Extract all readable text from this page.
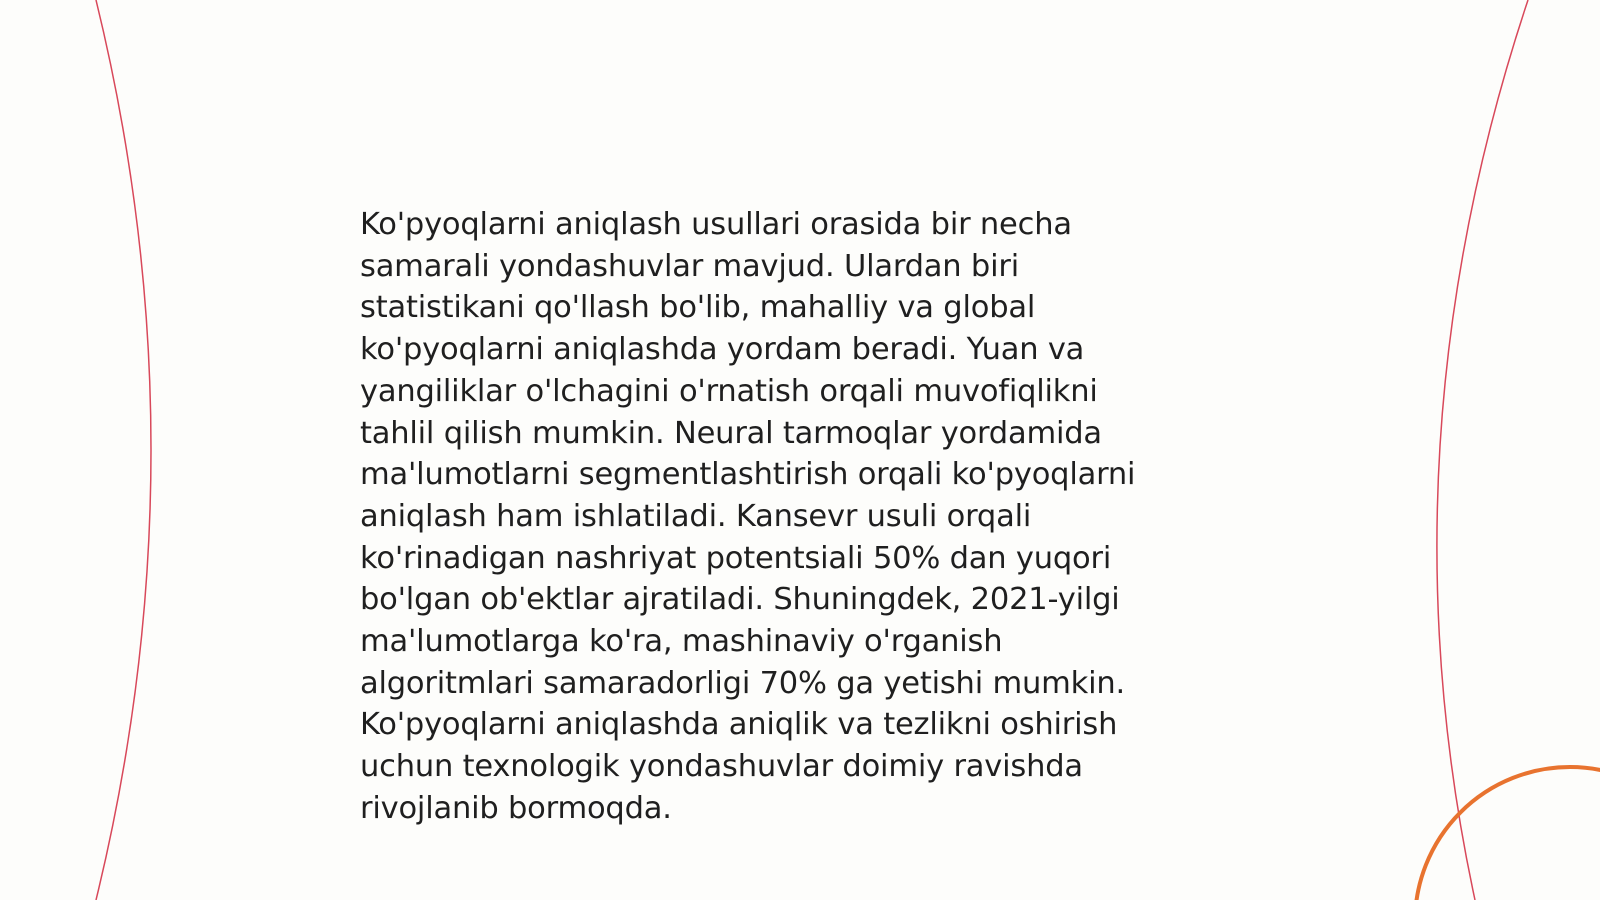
Ko'pyoqlarni aniqlash usullari orasida bir necha
samarali yondashuvlar mavjud. Ulardan biri
statistikani qo'llash bo'lib, mahalliy va global
ko'pyoqlarni aniqlashda yordam beradi. Yuan va
yangiliklar o'lchagini o'rnatish orqali muvofiqlikni
tahlil qilish mumkin. Neural tarmoqlar yordamida
ma'lumotlarni segmentlashtirish orqali ko'pyoqlarni
aniqlash ham ishlatiladi. Kansevr usuli orqali
ko'rinadigan nashriyat potentsiali 50% dan yuqori
bo'lgan ob'ektlar ajratiladi. Shuningdek, 2021-yilgi
ma'lumotlarga ko'ra, mashinaviy o'rganish
algoritmlari samaradorligi 70% ga yetishi mumkin.
Ko'pyoqlarni aniqlashda aniqlik va tezlikni oshirish
uchun texnologik yondashuvlar doimiy ravishda
rivojlanib bormoqda.
